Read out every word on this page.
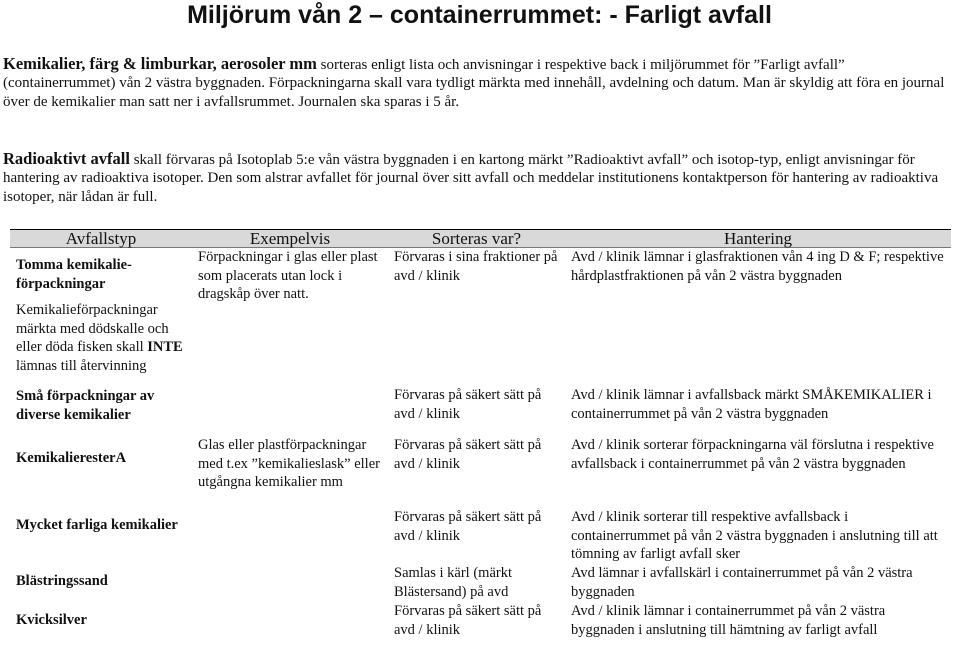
Miljörum vån 2 – containerrummet: - Farligt avfall

Kemikalier, färg & limburkar, aerosoler mm sorteras enligt lista och anvisningar i respektive back i miljörummet för ”Farligt avfall” (containerrummet) vån 2 västra byggnaden. Förpackningarna skall vara tydligt märkta med innehåll, avdelning och datum. Man är skyldig att föra en journal över de kemikalier man satt ner i avfallsrummet. Journalen ska sparas i 5 år.

Radioaktivt avfall skall förvaras på Isotoplab 5:e vån västra byggnaden i en kartong märkt ”Radioaktivt avfall” och isotop-typ, enligt anvisningar för hantering av radioaktiva isotoper. Den som alstrar avfallet för journal över sitt avfall och meddelar institutionens kontaktperson för hantering av radioaktiva isotoper, när lådan är full.

Avfallstyp	Exempelvis	Sorteras var?	Hantering

Tomma kemikalie-förpackningar
Kemikalieförpackningar märkta med dödskalle och eller döda fisken skall INTE lämnas till återvinning	Förpackningar i glas eller plast som placerats utan lock i dragskåp över natt.	Förvaras i sina fraktioner på avd / klinik	Avd / klinik lämnar i glasfraktionen vån 4 ing D & F; respektive hårdplastfraktionen på vån 2 västra byggnaden

Små förpackningar av diverse kemikalier		Förvaras på säkert sätt på avd / klinik	Avd / klinik lämnar i avfallsback märkt SMÅKEMIKALIER i containerrummet på vån 2 västra byggnaden

KemikalieresterA	Glas eller plastförpackningar med t.ex ”kemikalieslask” eller utgångna kemikalier mm	Förvaras på säkert sätt på avd / klinik	Avd / klinik sorterar förpackningarna väl förslutna i respektive avfallsback i containerrummet på vån 2 västra byggnaden

Mycket farliga kemikalier		Förvaras på säkert sätt på avd / klinik	Avd / klinik sorterar till respektive avfallsback i containerrummet på vån 2 västra byggnaden i anslutning till att tömning av farligt avfall sker

Blästringssand		Samlas i kärl (märkt Blästersand) på avd	Avd lämnar i avfallskärl i containerrummet på vån 2 västra byggnaden

Kvicksilver		Förvaras på säkert sätt på avd / klinik	Avd / klinik lämnar i containerrummet på vån 2 västra byggnaden i anslutning till hämtning av farligt avfall
